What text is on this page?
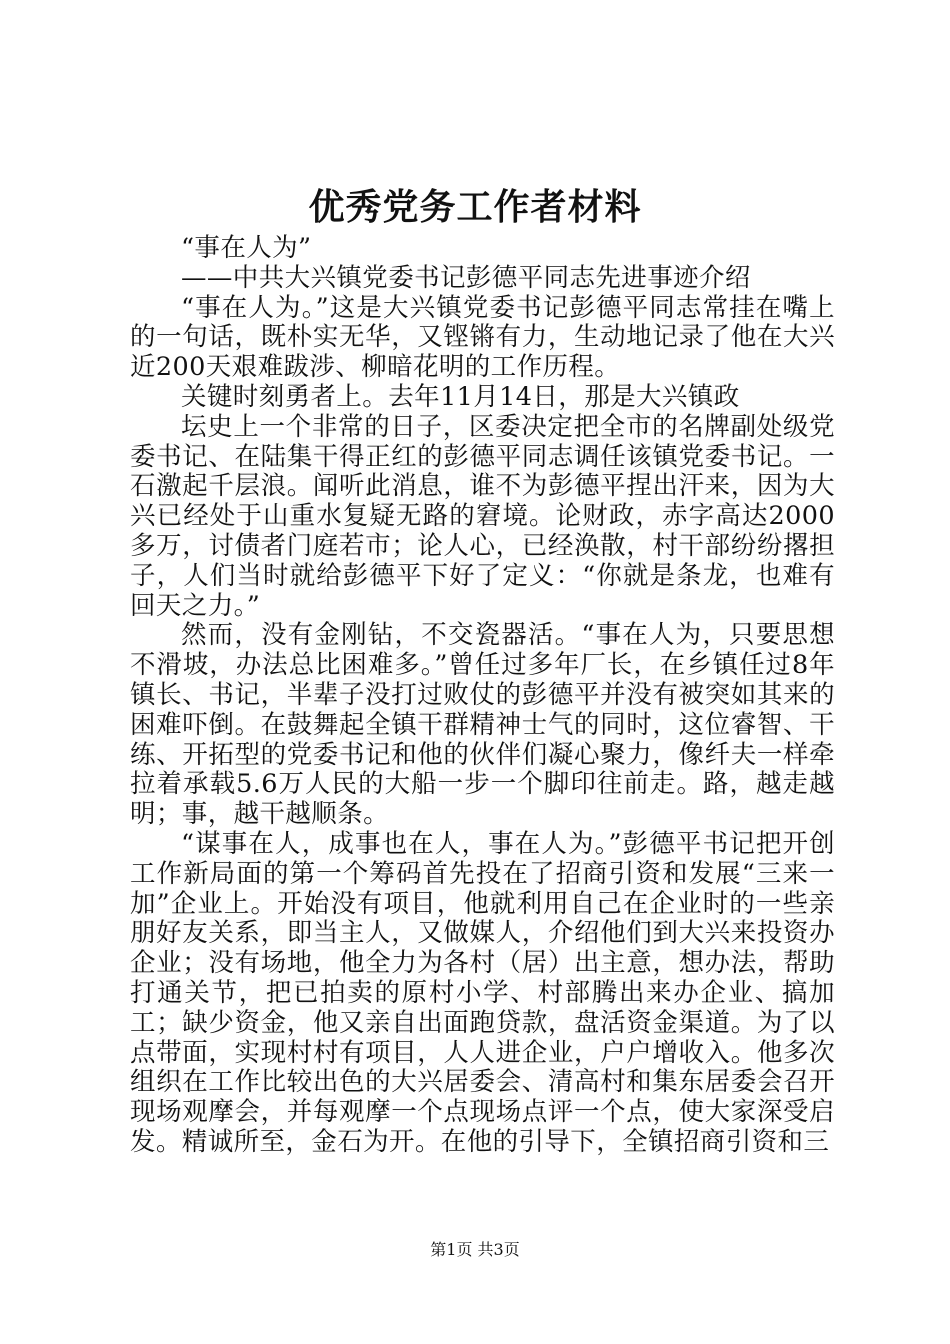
优秀党务工作者材料

“事在人为”

——中共大兴镇党委书记彭德平同志先进事迹介绍

“事在人为。”这是大兴镇党委书记彭德平同志常挂在嘴上的一句话，既朴实无华，又铿锵有力，生动地记录了他在大兴近200天艰难跋涉、柳暗花明的工作历程。

关键时刻勇者上。去年11月14日，那是大兴镇政

坛史上一个非常的日子，区委决定把全市的名牌副处级党委书记、在陆集干得正红的彭德平同志调任该镇党委书记。一石激起千层浪。闻听此消息，谁不为彭德平捏出汗来，因为大兴已经处于山重水复疑无路的窘境。论财政，赤字高达2000多万，讨债者门庭若市；论人心，已经涣散，村干部纷纷撂担子，人们当时就给彭德平下好了定义：“你就是条龙，也难有回天之力。”

然而，没有金刚钻，不交瓷器活。“事在人为，只要思想不滑坡，办法总比困难多。”曾任过多年厂长，在乡镇任过8年镇长、书记，半辈子没打过败仗的彭德平并没有被突如其来的困难吓倒。在鼓舞起全镇干群精神士气的同时，这位睿智、干练、开拓型的党委书记和他的伙伴们凝心聚力，像纤夫一样牵拉着承载5.6万人民的大船一步一个脚印往前走。路，越走越明；事，越干越顺条。

“谋事在人，成事也在人，事在人为。”彭德平书记把开创工作新局面的第一个筹码首先投在了招商引资和发展“三来一加”企业上。开始没有项目，他就利用自己在企业时的一些亲朋好友关系，即当主人，又做媒人，介绍他们到大兴来投资办企业；没有场地，他全力为各村（居）出主意，想办法，帮助打通关节，把已拍卖的原村小学、村部腾出来办企业、搞加工；缺少资金，他又亲自出面跑贷款，盘活资金渠道。为了以点带面，实现村村有项目，人人进企业，户户增收入。他多次组织在工作比较出色的大兴居委会、清高村和集东居委会召开现场观摩会，并每观摩一个点现场点评一个点，使大家深受启发。精诚所至，金石为开。在他的引导下，全镇招商引资和三

第1页 共3页
